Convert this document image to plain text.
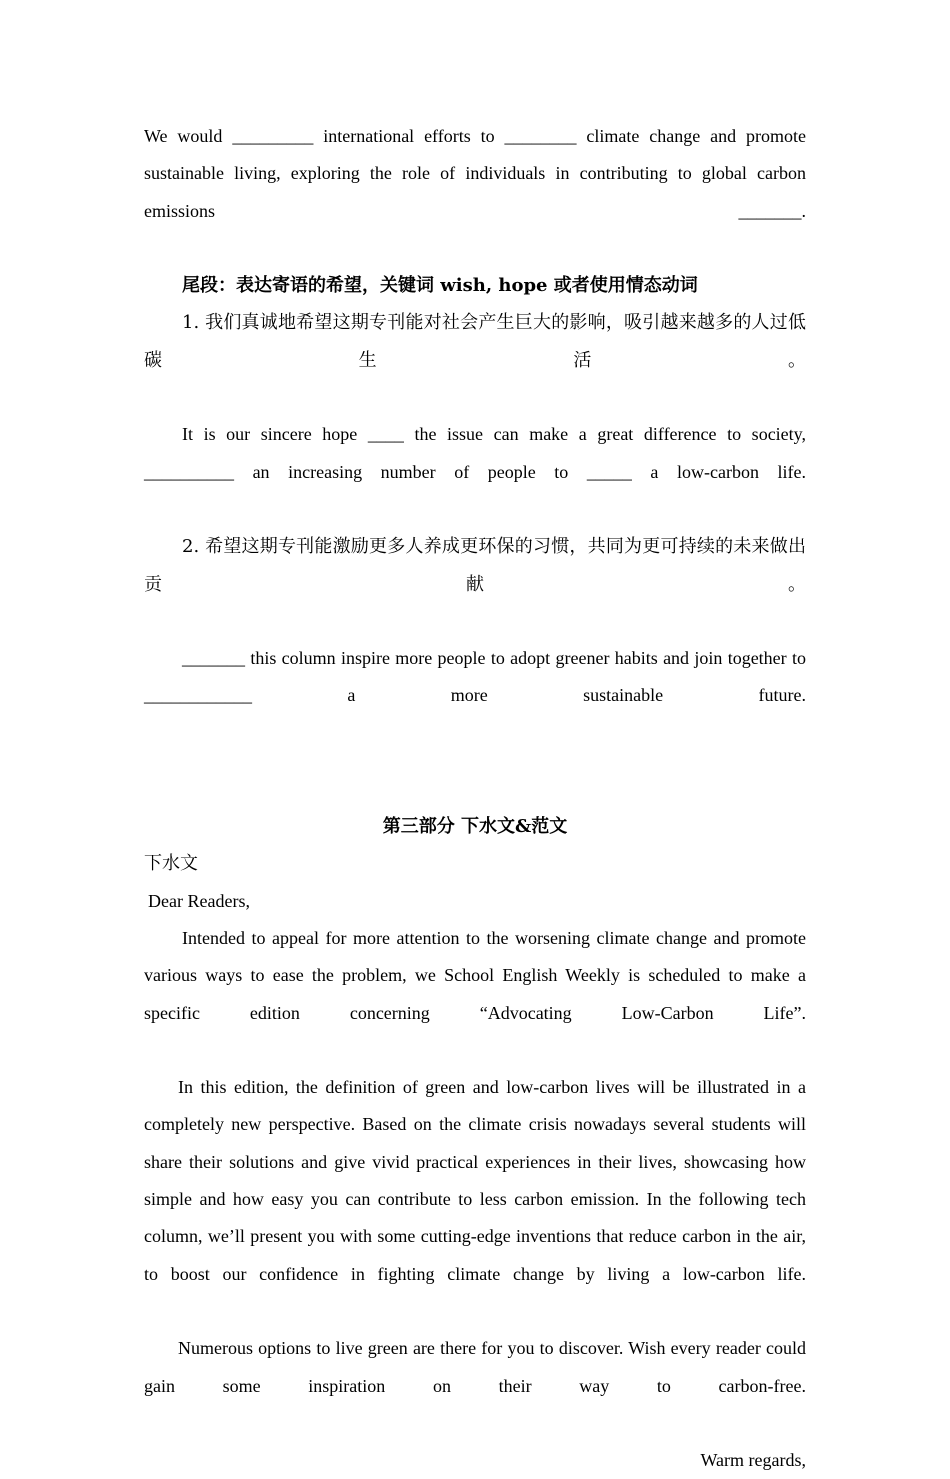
We would _________ international efforts to ________ climate change and promote sustainable living, exploring the role of individuals in contributing to global carbon emissions _______.

尾段：表达寄语的希望，关键词 wish, hope 或者使用情态动词

1. 我们真诚地希望这期专刊能对社会产生巨大的影响，吸引越来越多的人过低碳生活。

It is our sincere hope ____ the issue can make a great difference to society, __________ an increasing number of people to _____ a low-carbon life.

2. 希望这期专刊能激励更多人养成更环保的习惯，共同为更可持续的未来做出贡献。

_______ this column inspire more people to adopt greener habits and join together to ____________ a more sustainable future.

第三部分 下水文&范文

下水文

Dear Readers,

Intended to appeal for more attention to the worsening climate change and promote various ways to ease the problem, we School English Weekly is scheduled to make a specific edition concerning “Advocating Low-Carbon Life”.

In this edition, the definition of green and low-carbon lives will be illustrated in a completely new perspective. Based on the climate crisis nowadays several students will share their solutions and give vivid practical experiences in their lives, showcasing how simple and how easy you can contribute to less carbon emission. In the following tech column, we’ll present you with some cutting-edge inventions that reduce carbon in the air, to boost our confidence in fighting climate change by living a low-carbon life.

Numerous options to live green are there for you to discover. Wish every reader could gain some inspiration on their way to carbon-free.

Warm regards,
